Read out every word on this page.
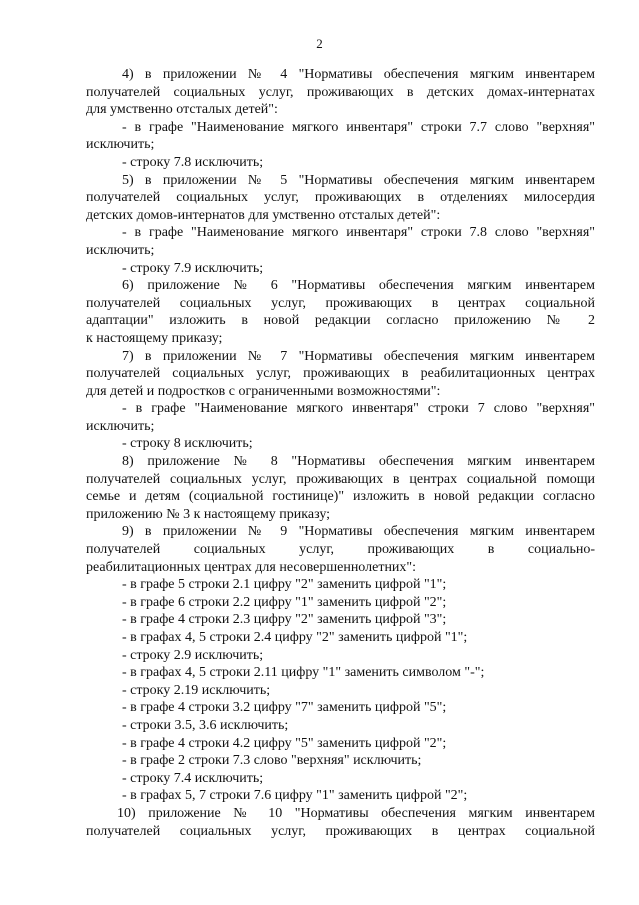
2

4) в приложении № 4 "Нормативы обеспечения мягким инвентарем

получателей социальных услуг, проживающих в детских домах-интернатах

для умственно отсталых детей":

- в графе "Наименование мягкого инвентаря" строки 7.7 слово "верхняя"

исключить;

- строку 7.8 исключить;

5) в приложении № 5 "Нормативы обеспечения мягким инвентарем

получателей социальных услуг, проживающих в отделениях милосердия

детских домов-интернатов для умственно отсталых детей":

- в графе "Наименование мягкого инвентаря" строки 7.8 слово "верхняя"

исключить;

- строку 7.9 исключить;

6) приложение № 6 "Нормативы обеспечения мягким инвентарем

получателей социальных услуг, проживающих в центрах социальной

адаптации" изложить в новой редакции согласно приложению № 2

к настоящему приказу;

7) в приложении № 7 "Нормативы обеспечения мягким инвентарем

получателей социальных услуг, проживающих в реабилитационных центрах

для детей и подростков с ограниченными возможностями":

- в графе "Наименование мягкого инвентаря" строки 7 слово "верхняя"

исключить;

- строку 8 исключить;

8) приложение № 8 "Нормативы обеспечения мягким инвентарем

получателей социальных услуг, проживающих в центрах социальной помощи

семье и детям (социальной гостинице)" изложить в новой редакции согласно

приложению № 3 к настоящему приказу;

9) в приложении № 9 "Нормативы обеспечения мягким инвентарем

получателей социальных услуг, проживающих в социально-

реабилитационных центрах для несовершеннолетних":

- в графе 5 строки 2.1 цифру "2" заменить цифрой "1";

- в графе 6 строки 2.2 цифру "1" заменить цифрой "2";

- в графе 4 строки 2.3 цифру "2" заменить цифрой "3";

- в графах 4, 5 строки 2.4 цифру "2" заменить цифрой "1";

- строку 2.9 исключить;

- в графах 4, 5 строки 2.11 цифру "1" заменить символом "-";

- строку 2.19 исключить;

- в графе 4 строки 3.2 цифру "7" заменить цифрой "5";

- строки 3.5, 3.6 исключить;

- в графе 4 строки 4.2 цифру "5" заменить цифрой "2";

- в графе 2 строки 7.3 слово "верхняя" исключить;

- строку 7.4 исключить;

- в графах 5, 7 строки 7.6 цифру "1" заменить цифрой "2";

10) приложение № 10 "Нормативы обеспечения мягким инвентарем

получателей социальных услуг, проживающих в центрах социальной
